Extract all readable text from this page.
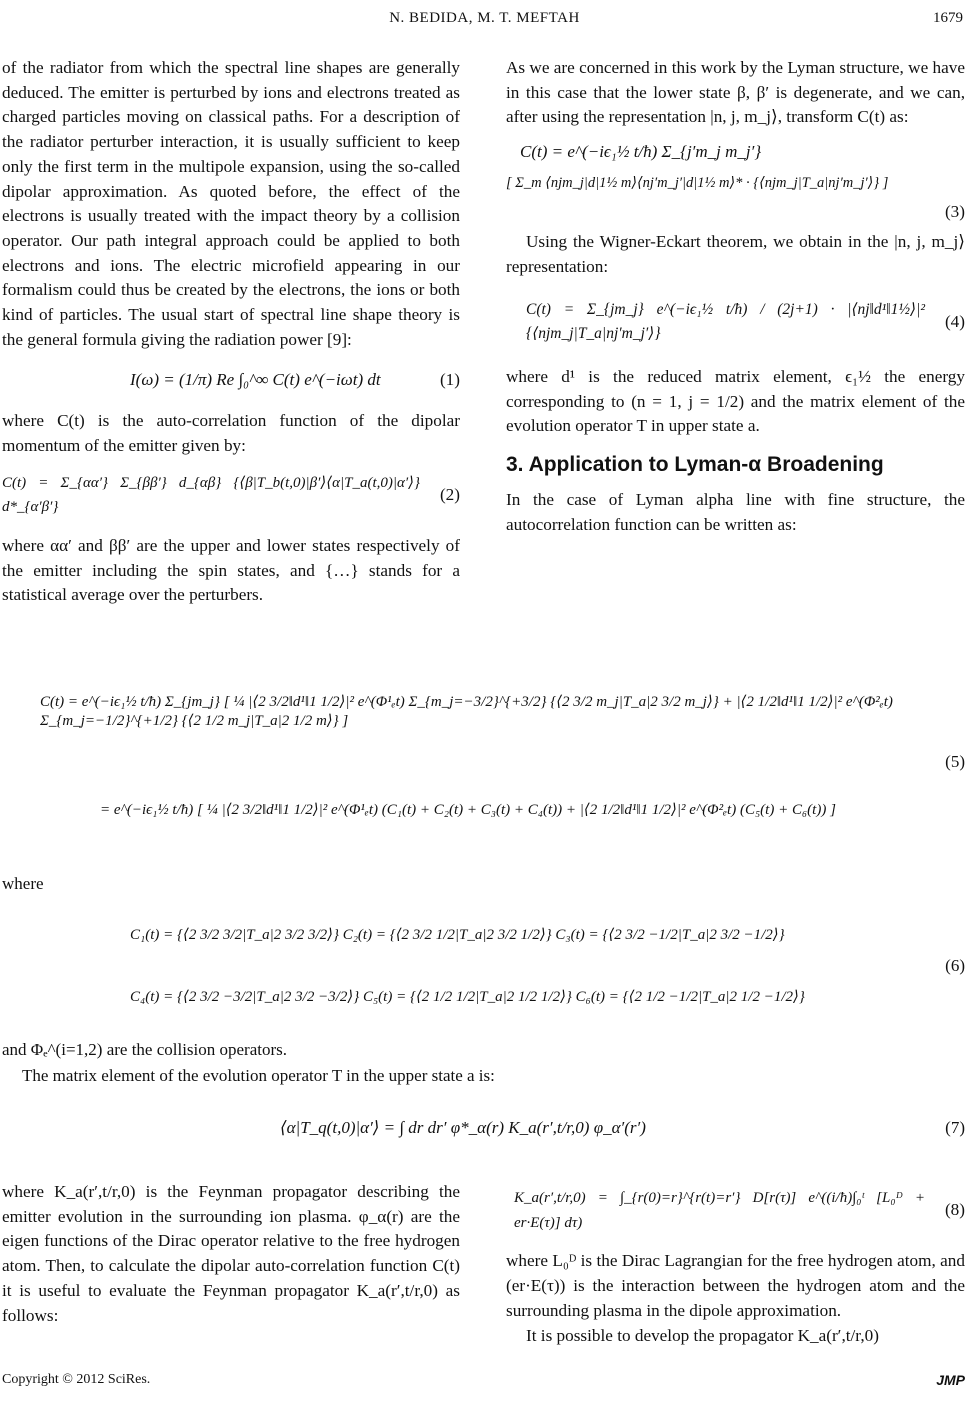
N. BEDIDA, M. T. MEFTAH	1679

of the radiator from which the spectral line shapes are generally deduced. The emitter is perturbed by ions and electrons treated as charged particles moving on classical paths. For a description of the radiator perturber interaction, it is usually sufficient to keep only the first term in the multipole expansion, using the so-called dipolar approximation. As quoted before, the effect of the electrons is usually treated with the impact theory by a collision operator. Our path integral approach could be applied to both electrons and ions. The electric microfield appearing in our formalism could thus be created by the electrons, the ions or both kind of particles. The usual start of spectral line shape theory is the general formula giving the radiation power [9]:

I(ω) = (1/π) Re ∫₀^∞ C(t) e^(−iωt) dt	(1)

where C(t) is the auto-correlation function of the dipolar momentum of the emitter given by:

C(t) = Σ_{αα′} Σ_{ββ′} d_{αβ} {⟨β|T_b(t,0)|β′⟩⟨α|T_a(t,0)|α′⟩} d*_{α′β′}
(2)

where αα′ and ββ′ are the upper and lower states respectively of the emitter including the spin states, and {…} stands for a statistical average over the perturbers.

As we are concerned in this work by the Lyman structure, we have in this case that the lower state β, β′ is degenerate, and we can, after using the representation |n, j, m_j⟩, transform C(t) as:

C(t) = e^(−iϵ₁½ t/ħ) Σ_{j′m_j m_j′}
[ Σ_m ⟨njm_j|d|1½ m⟩⟨nj′m_j′|d|1½ m⟩* · {⟨njm_j|T_a|nj′m_j′⟩} ]
(3)

Using the Wigner-Eckart theorem, we obtain in the |n, j, m_j⟩ representation:

C(t) = Σ_{jm_j} e^(−iϵ₁½ t/ħ) / (2j+1) · |⟨nj‖d¹‖1½⟩|² {⟨njm_j|T_a|nj′m_j′⟩}
(4)

where d¹ is the reduced matrix element, ϵ₁½ the energy corresponding to (n = 1, j = 1/2) and the matrix element of the evolution operator T in upper state a.

3. Application to Lyman-α Broadening

In the case of Lyman alpha line with fine structure, the autocorrelation function can be written as:

C(t) = e^(−iϵ₁½ t/ħ) Σ_{jm_j} [ ¼ |⟨2 3/2‖d¹‖1 1/2⟩|² e^(Φ¹ₑt) Σ_{m_j=−3/2}^{+3/2} {⟨2 3/2 m_j|T_a|2 3/2 m_j⟩} + |⟨2 1/2‖d¹‖1 1/2⟩|² e^(Φ²ₑt) Σ_{m_j=−1/2}^{+1/2} {⟨2 1/2 m_j|T_a|2 1/2 m⟩} ]
(5)
= e^(−iϵ₁½ t/ħ) [ ¼ |⟨2 3/2‖d¹‖1 1/2⟩|² e^(Φ¹ₑt) (C₁(t) + C₂(t) + C₃(t) + C₄(t)) + |⟨2 1/2‖d¹‖1 1/2⟩|² e^(Φ²ₑt) (C₅(t) + C₆(t)) ]
where
C₁(t) = {⟨2 3/2 3/2|T_a|2 3/2 3/2⟩} C₂(t) = {⟨2 3/2 1/2|T_a|2 3/2 1/2⟩} C₃(t) = {⟨2 3/2 −1/2|T_a|2 3/2 −1/2⟩}
(6)
C₄(t) = {⟨2 3/2 −3/2|T_a|2 3/2 −3/2⟩} C₅(t) = {⟨2 1/2 1/2|T_a|2 1/2 1/2⟩} C₆(t) = {⟨2 1/2 −1/2|T_a|2 1/2 −1/2⟩}
and Φₑ^(i=1,2) are the collision operators.
The matrix element of the evolution operator T in the upper state a is:
⟨α|T_q(t,0)|α′⟩ = ∫ dr dr′ φ*_α(r) K_a(r′,t/r,0) φ_α′(r′)	(7)

where K_a(r′,t/r,0) is the Feynman propagator describing the emitter evolution in the surrounding ion plasma. φ_α(r) are the eigen functions of the Dirac operator relative to the free hydrogen atom. Then, to calculate the dipolar auto-correlation function C(t) it is useful to evaluate the Feynman propagator K_a(r′,t/r,0) as follows:

K_a(r′,t/r,0) = ∫_{r(0)=r}^{r(t)=r′} D[r(τ)] e^((i/ħ)∫₀ᵗ [L₀ᴰ + er·E(τ)] dτ)
(8)

where L₀ᴰ is the Dirac Lagrangian for the free hydrogen atom, and (er·E(τ)) is the interaction between the hydrogen atom and the surrounding plasma in the dipole approximation.

It is possible to develop the propagator K_a(r′,t/r,0)

Copyright © 2012 SciRes.	JMP
